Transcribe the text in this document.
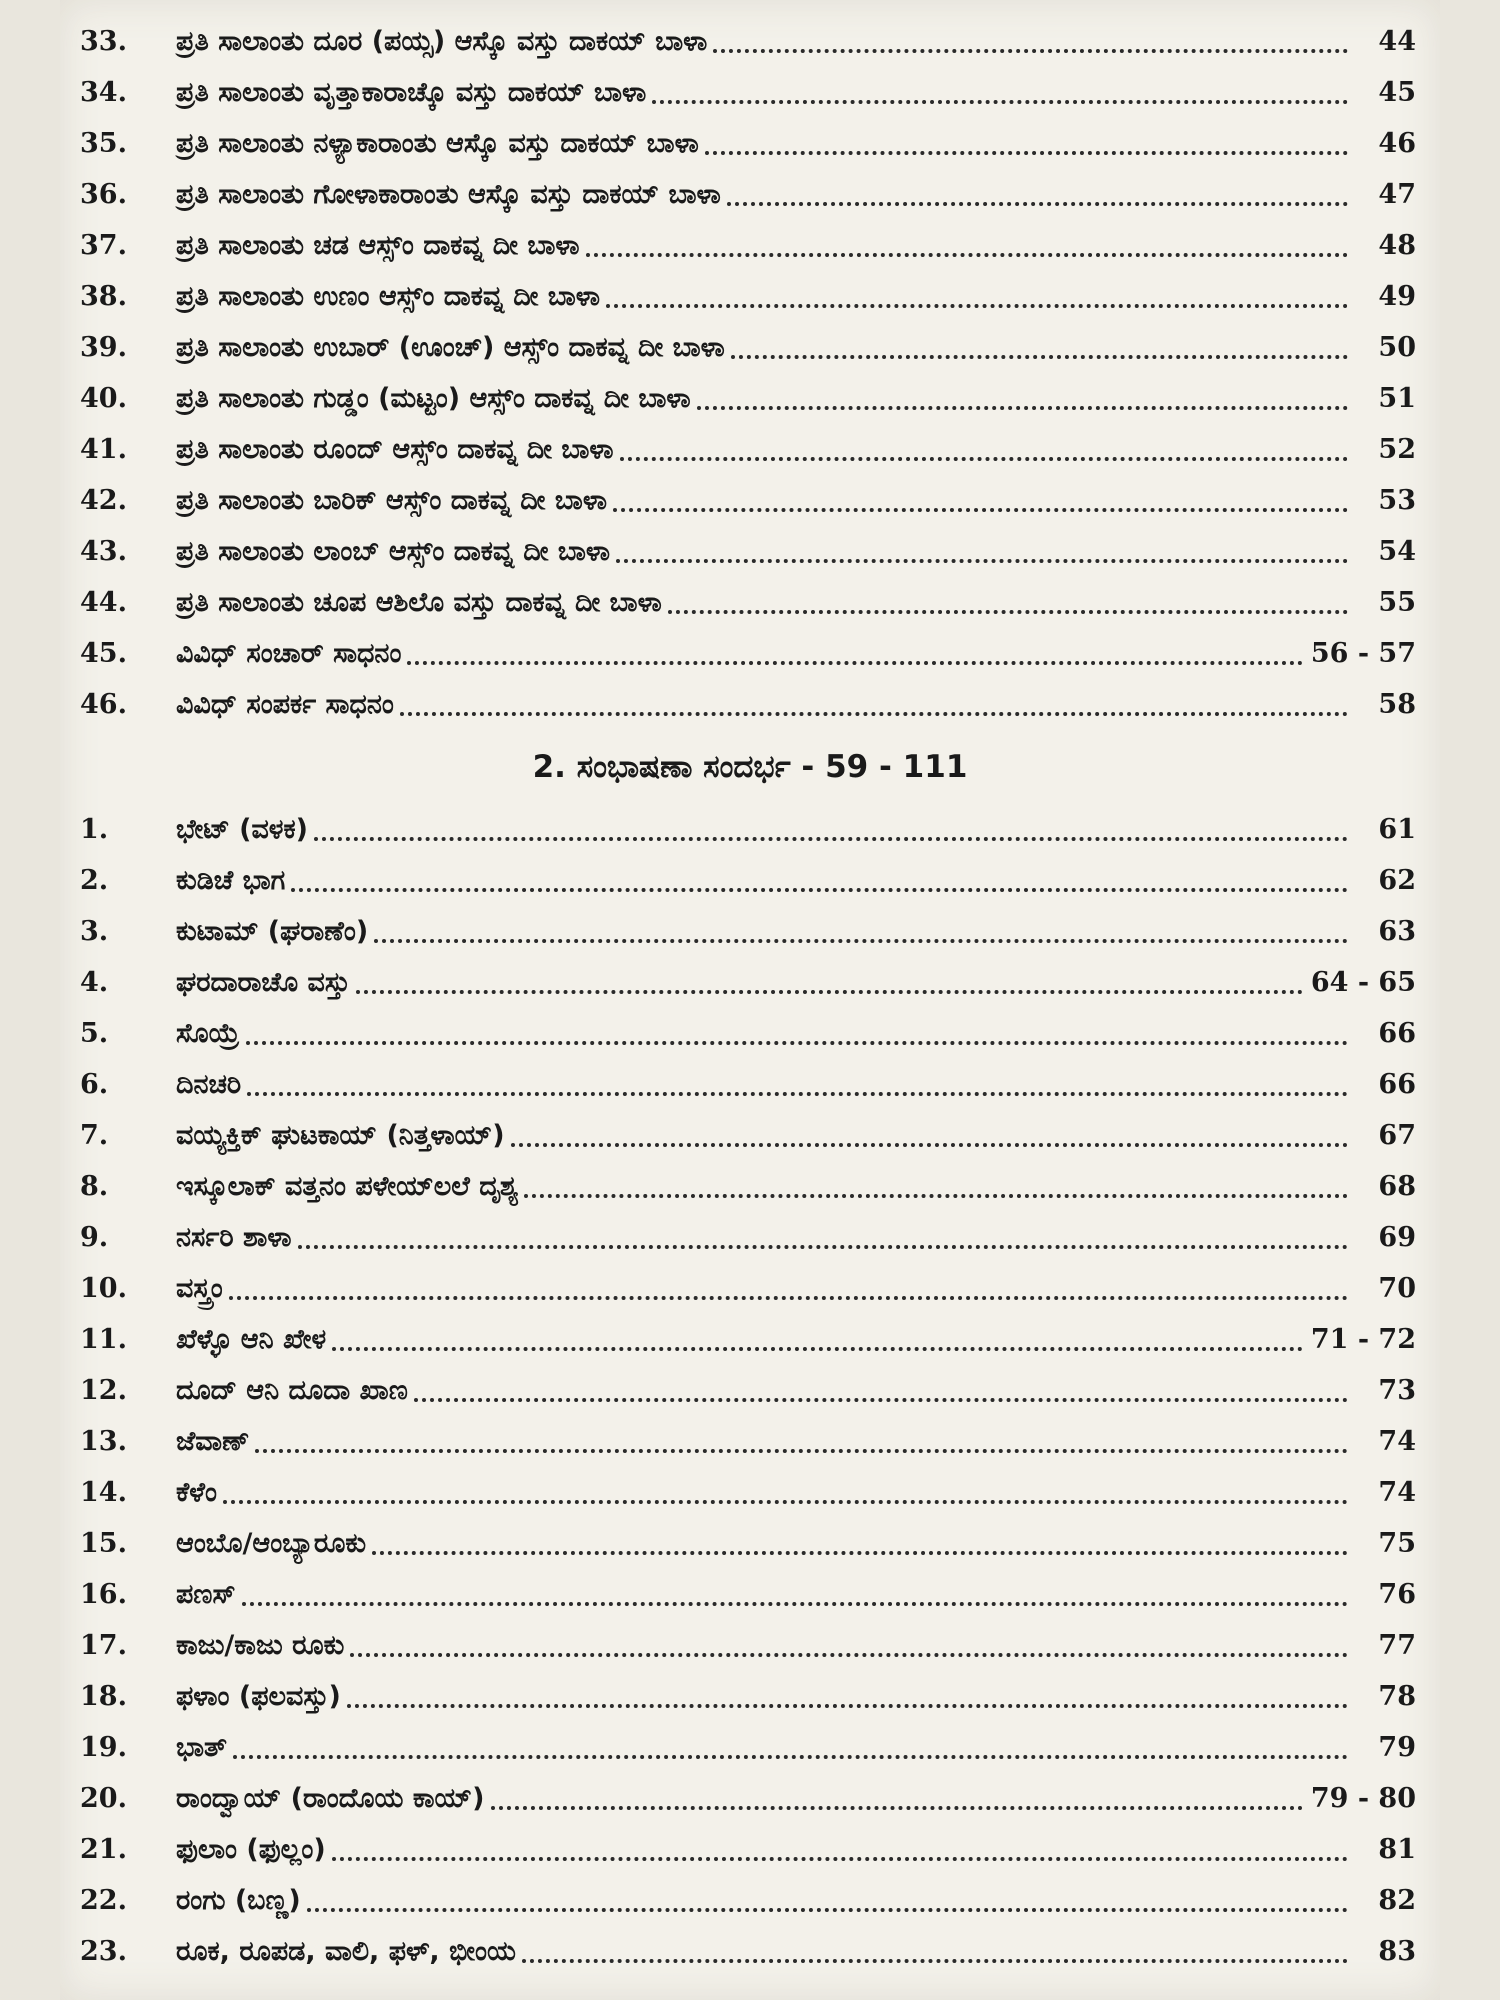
33.	ಪ್ರತಿ ಸಾಲಾಂತು ದೂರ (ಪಯ್ಸ) ಆಸ್ಕೊ ವಸ್ತು ದಾಕಯ್ ಬಾಳಾ	44
34.	ಪ್ರತಿ ಸಾಲಾಂತು ವೃತ್ತಾಕಾರಾಚ್ಕೊ ವಸ್ತು ದಾಕಯ್ ಬಾಳಾ	45
35.	ಪ್ರತಿ ಸಾಲಾಂತು ನಳ್ಯಾಕಾರಾಂತು ಆಸ್ಕೊ ವಸ್ತು ದಾಕಯ್ ಬಾಳಾ	46
36.	ಪ್ರತಿ ಸಾಲಾಂತು ಗೋಳಾಕಾರಾಂತು ಆಸ್ಕೊ ವಸ್ತು ದಾಕಯ್ ಬಾಳಾ	47
37.	ಪ್ರತಿ ಸಾಲಾಂತು ಚಡ ಆಸ್ಸ್ಂ ದಾಕವ್ನ ದೀ ಬಾಳಾ	48
38.	ಪ್ರತಿ ಸಾಲಾಂತು ಉಣಂ ಆಸ್ಸ್ಂ ದಾಕವ್ನ ದೀ ಬಾಳಾ	49
39.	ಪ್ರತಿ ಸಾಲಾಂತು ಉಬಾರ್ (ಊಂಚ್) ಆಸ್ಸ್ಂ ದಾಕವ್ನ ದೀ ಬಾಳಾ	50
40.	ಪ್ರತಿ ಸಾಲಾಂತು ಗುಡ್ಡಂ (ಮಟ್ಟಂ) ಆಸ್ಸ್ಂ ದಾಕವ್ನ ದೀ ಬಾಳಾ	51
41.	ಪ್ರತಿ ಸಾಲಾಂತು ರೂಂದ್ ಆಸ್ಸ್ಂ ದಾಕವ್ನ ದೀ ಬಾಳಾ	52
42.	ಪ್ರತಿ ಸಾಲಾಂತು ಬಾರಿಕ್ ಆಸ್ಸ್ಂ ದಾಕವ್ನ ದೀ ಬಾಳಾ	53
43.	ಪ್ರತಿ ಸಾಲಾಂತು ಲಾಂಬ್ ಆಸ್ಸ್ಂ ದಾಕವ್ನ ದೀ ಬಾಳಾ	54
44.	ಪ್ರತಿ ಸಾಲಾಂತು ಚೂಪ ಆಶಿಲೊ ವಸ್ತು ದಾಕವ್ನ ದೀ ಬಾಳಾ	55
45.	ವಿವಿಧ್ ಸಂಚಾರ್ ಸಾಧನಂ	56 - 57
46.	ವಿವಿಧ್ ಸಂಪರ್ಕ ಸಾಧನಂ	58
2. ಸಂಭಾಷಣಾ ಸಂದರ್ಭ - 59 - 111
1.	ಭೇಟ್ (ವಳಕ)	61
2.	ಕುಡಿಚೆ ಭಾಗ	62
3.	ಕುಟಾಮ್ (ಘರಾಣೆಂ)	63
4.	ಘರದಾರಾಚೊ ವಸ್ತು	64 - 65
5.	ಸೊಯ್ರೆ	66
6.	ದಿನಚರಿ	66
7.	ವಯ್ಯಕ್ತಿಕ್ ಘುಟಕಾಯ್ (ನಿತ್ತಳಾಯ್)	67
8.	ಇಸ್ಕೂಲಾಕ್ ವತ್ತನಂ ಪಳೇಯ್‌ಲಲೆ ದೃಶ್ಯ	68
9.	ನರ್ಸರಿ ಶಾಳಾ	69
10.	ವಸ್ತ್ರಂ	70
11.	ಖೆಳ್ಳೊ ಆನಿ ಖೇಳ	71 - 72
12.	ದೂದ್ ಆನಿ ದೂದಾ ಖಾಣ	73
13.	ಜೆವಾಣ್	74
14.	ಕೆಳೆಂ	74
15.	ಆಂಬೊ/ಆಂಬ್ಯಾರೂಕು	75
16.	ಪಣಸ್	76
17.	ಕಾಜು/ಕಾಜು ರೂಕು	77
18.	ಫಳಾಂ (ಫಲವಸ್ತು)	78
19.	ಭಾತ್	79
20.	ರಾಂದ್ವಾಯ್ (ರಾಂದೊಯ ಕಾಯ್)	79 - 80
21.	ಫುಲಾಂ (ಫುಲ್ಲಂ)	81
22.	ರಂಗು (ಬಣ್ಣ)	82
23.	ರೂಕ, ರೂಪಡ, ವಾಲಿ, ಫಳ್, ಭೀಂಯ	83
